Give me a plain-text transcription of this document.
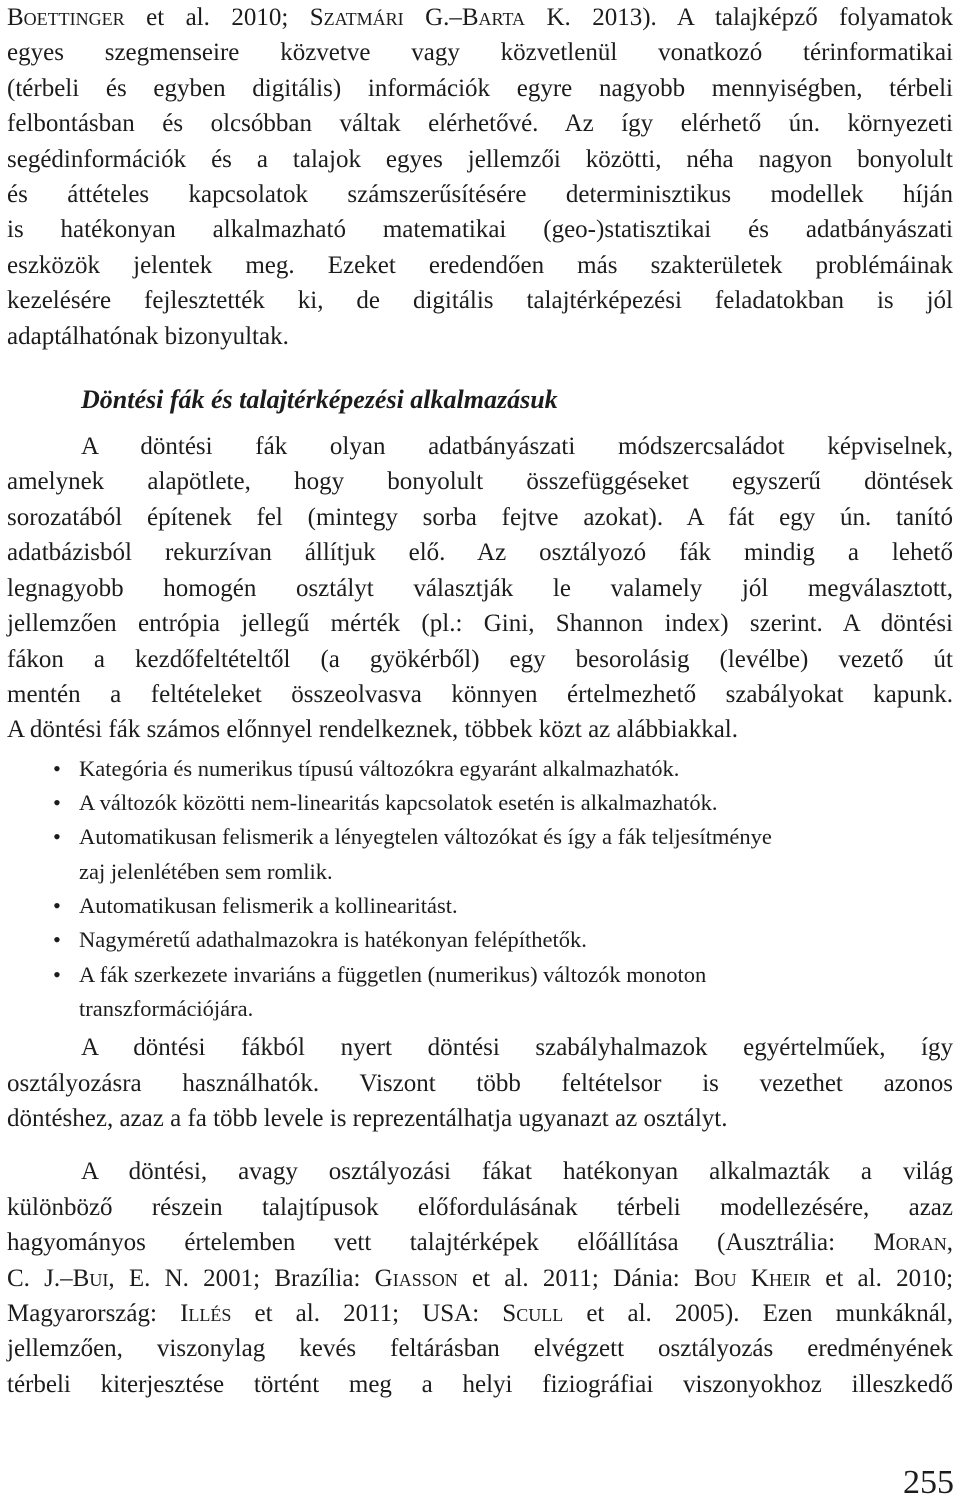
Boettinger et al. 2010; Szatmári G.–Barta K. 2013). A talajképző folyamatok

egyes szegmenseire közvetve vagy közvetlenül vonatkozó térinformatikai

(térbeli és egyben digitális) információk egyre nagyobb mennyiségben, térbeli

felbontásban és olcsóbban váltak elérhetővé. Az így elérhető ún. környezeti

segédinformációk és a talajok egyes jellemzői közötti, néha nagyon bonyolult

és áttételes kapcsolatok számszerűsítésére determinisztikus modellek híján

is hatékonyan alkalmazható matematikai (geo-)statisztikai és adatbányászati

eszközök jelentek meg. Ezeket eredendően más szakterületek problémáinak

kezelésére fejlesztették ki, de digitális talajtérképezési feladatokban is jól

adaptálhatónak bizonyultak.

Döntési fák és talajtérképezési alkalmazásuk

A döntési fák olyan adatbányászati módszercsaládot képviselnek,

amelynek alapötlete, hogy bonyolult összefüggéseket egyszerű döntések

sorozatából építenek fel (mintegy sorba fejtve azokat). A fát egy ún. tanító

adatbázisból rekurzívan állítjuk elő. Az osztályozó fák mindig a lehető

legnagyobb homogén osztályt választják le valamely jól megválasztott,

jellemzően entrópia jellegű mérték (pl.: Gini, Shannon index) szerint. A döntési

fákon a kezdőfeltételtől (a gyökérből) egy besorolásig (levélbe) vezető út

mentén a feltételeket összeolvasva könnyen értelmezhető szabályokat kapunk.

A döntési fák számos előnnyel rendelkeznek, többek közt az alábbiakkal.

• Kategória és numerikus típusú változókra egyaránt alkalmazhatók.
• A változók közötti nem-linearitás kapcsolatok esetén is alkalmazhatók.
• Automatikusan felismerik a lényegtelen változókat és így a fák teljesítménye
zaj jelenlétében sem romlik.
• Automatikusan felismerik a kollinearitást.
• Nagyméretű adathalmazokra is hatékonyan felépíthetők.
• A fák szerkezete invariáns a független (numerikus) változók monoton
transzformációjára.

A döntési fákból nyert döntési szabályhalmazok egyértelműek, így

osztályozásra használhatók. Viszont több feltételsor is vezethet azonos

döntéshez, azaz a fa több levele is reprezentálhatja ugyanazt az osztályt.

A döntési, avagy osztályozási fákat hatékonyan alkalmazták a világ

különböző részein talajtípusok előfordulásának térbeli modellezésére, azaz

hagyományos értelemben vett talajtérképek előállítása (Ausztrália: Moran,

C. J.–Bui, E. N. 2001; Brazília: Giasson et al. 2011; Dánia: Bou Kheir et al. 2010;

Magyarország: Illés et al. 2011; USA: Scull et al. 2005). Ezen munkáknál,

jellemzően, viszonylag kevés feltárásban elvégzett osztályozás eredményének

térbeli kiterjesztése történt meg a helyi fiziográfiai viszonyokhoz illeszkedő

255
